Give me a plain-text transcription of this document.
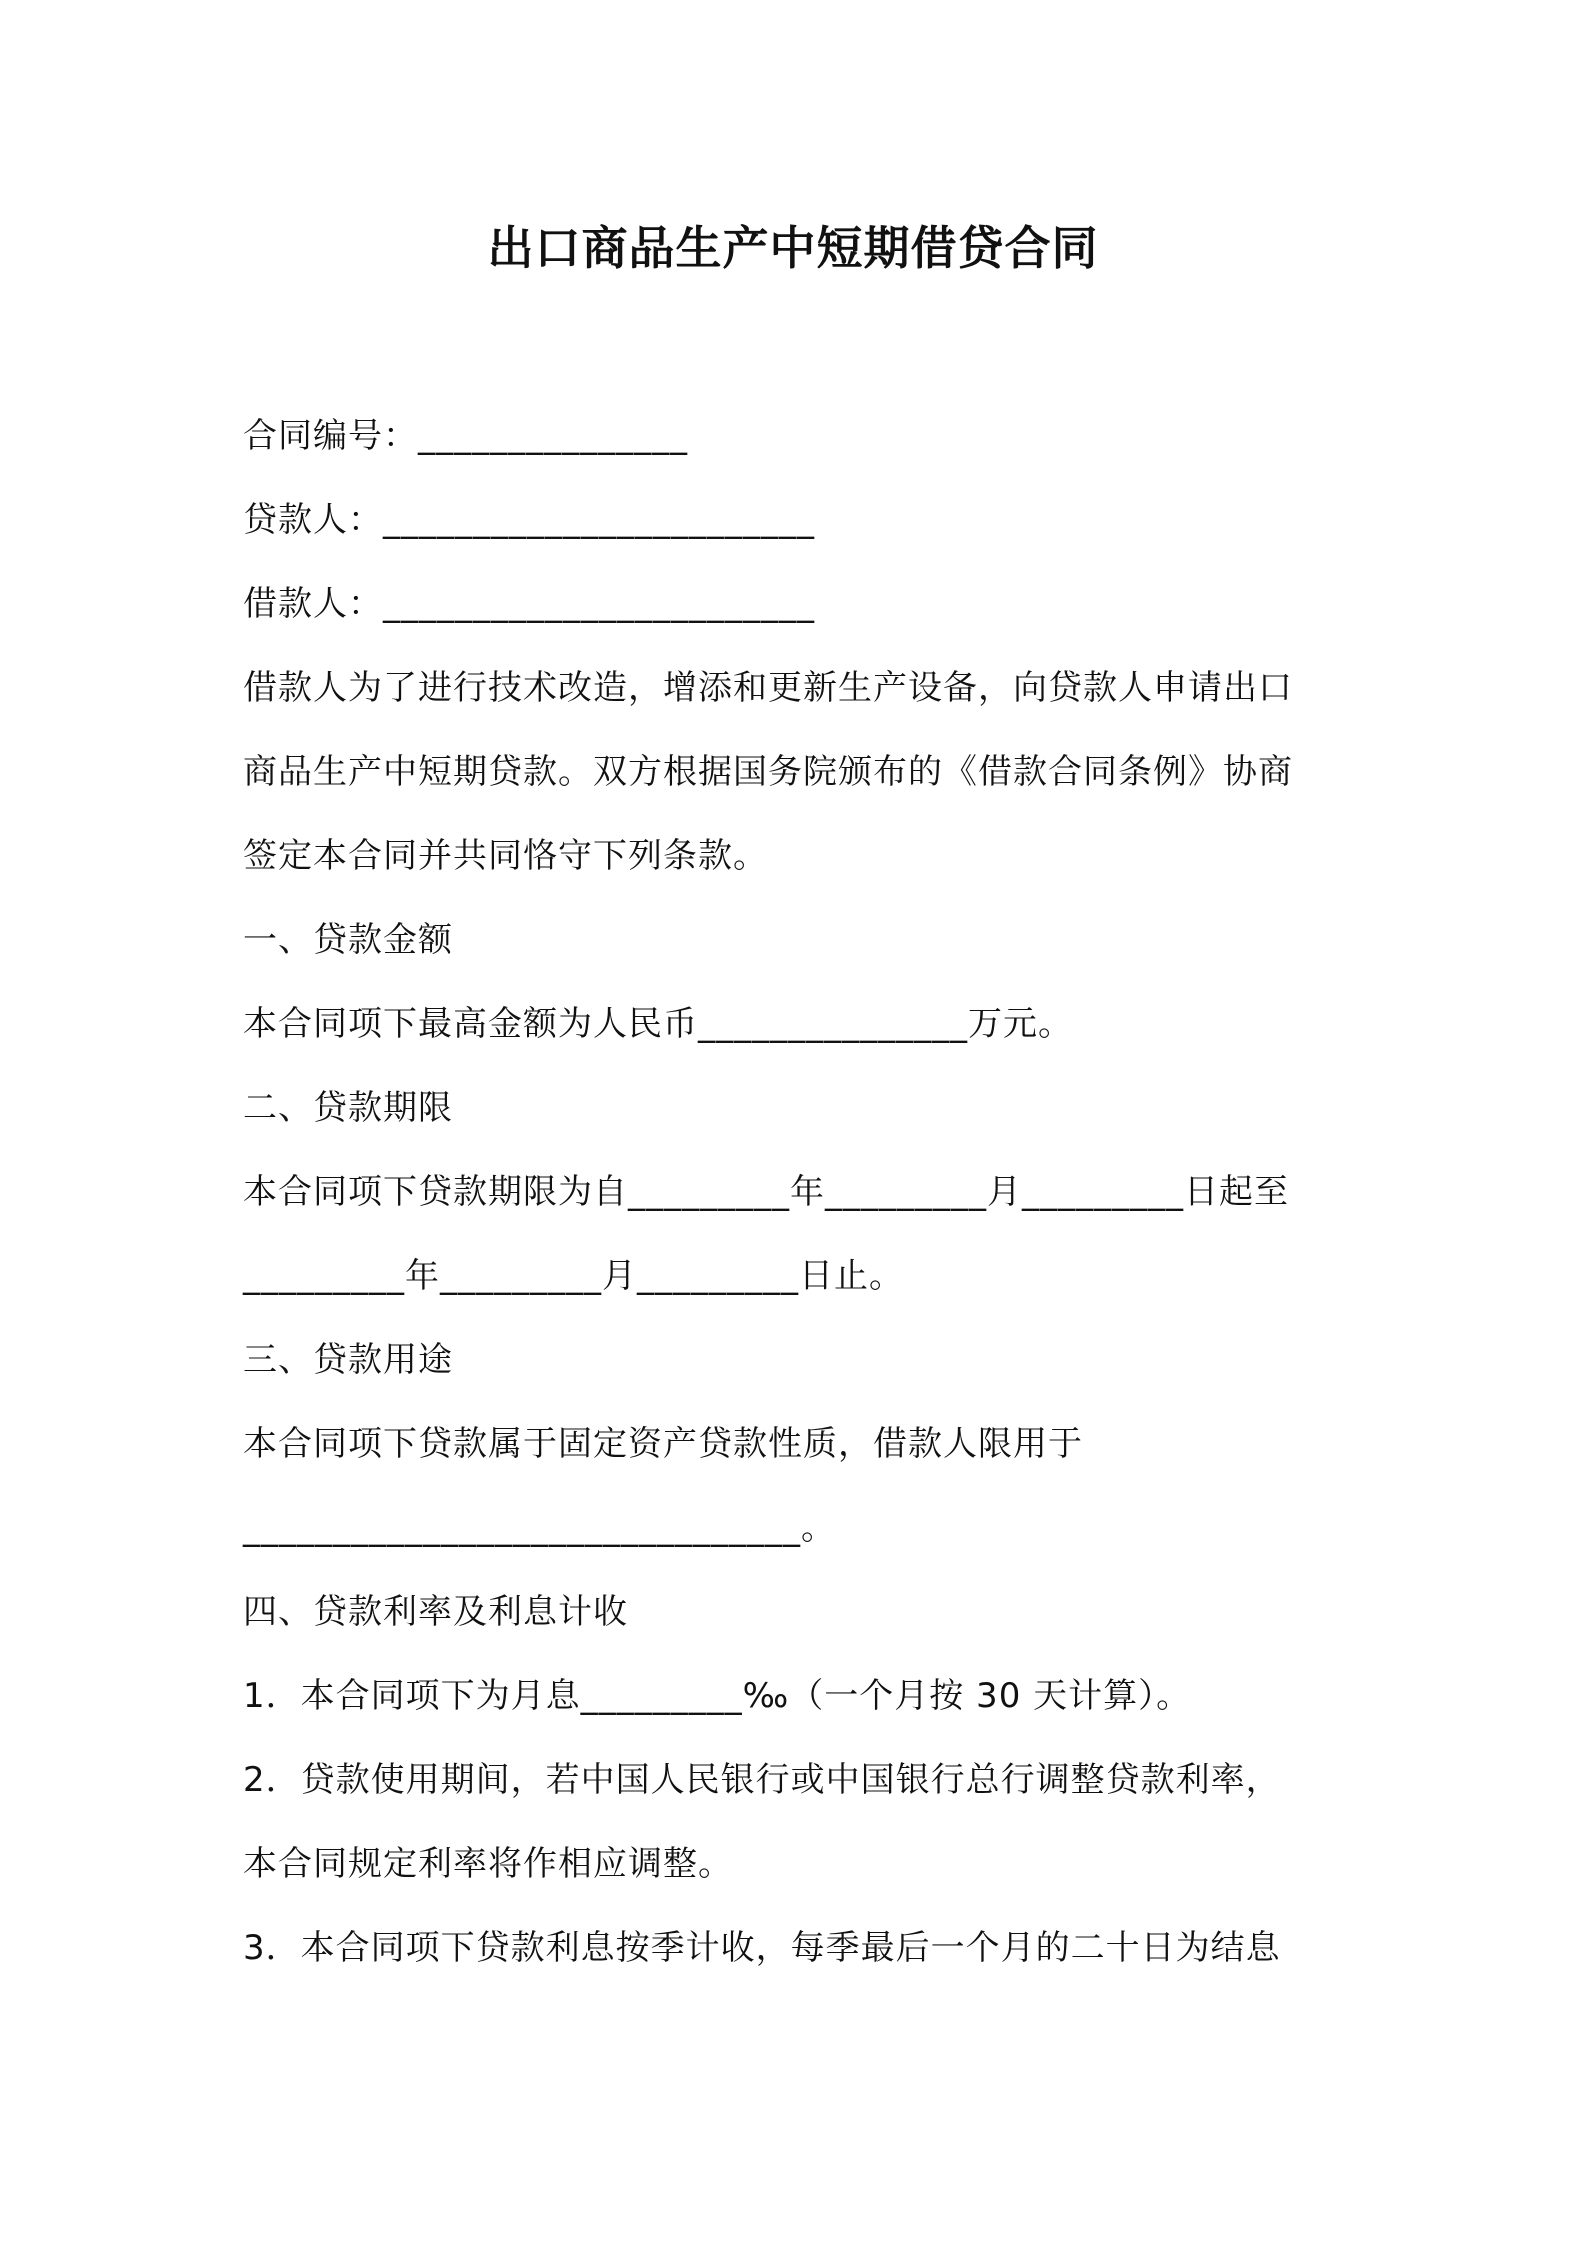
出口商品生产中短期借贷合同
合同编号：_______________
贷款人：________________________
借款人：________________________
借款人为了进行技术改造，增添和更新生产设备，向贷款人申请出口
商品生产中短期贷款。双方根据国务院颁布的《借款合同条例》协商
签定本合同并共同恪守下列条款。
一、贷款金额
本合同项下最高金额为人民币_______________万元。
二、贷款期限
本合同项下贷款期限为自_________年_________月_________日起至
_________年_________月_________日止。
三、贷款用途
本合同项下贷款属于固定资产贷款性质，借款人限用于
_______________________________。
四、贷款利率及利息计收
1．本合同项下为月息_________‰（一个月按 30 天计算）。
2．贷款使用期间，若中国人民银行或中国银行总行调整贷款利率，
本合同规定利率将作相应调整。
3．本合同项下贷款利息按季计收，每季最后一个月的二十日为结息
